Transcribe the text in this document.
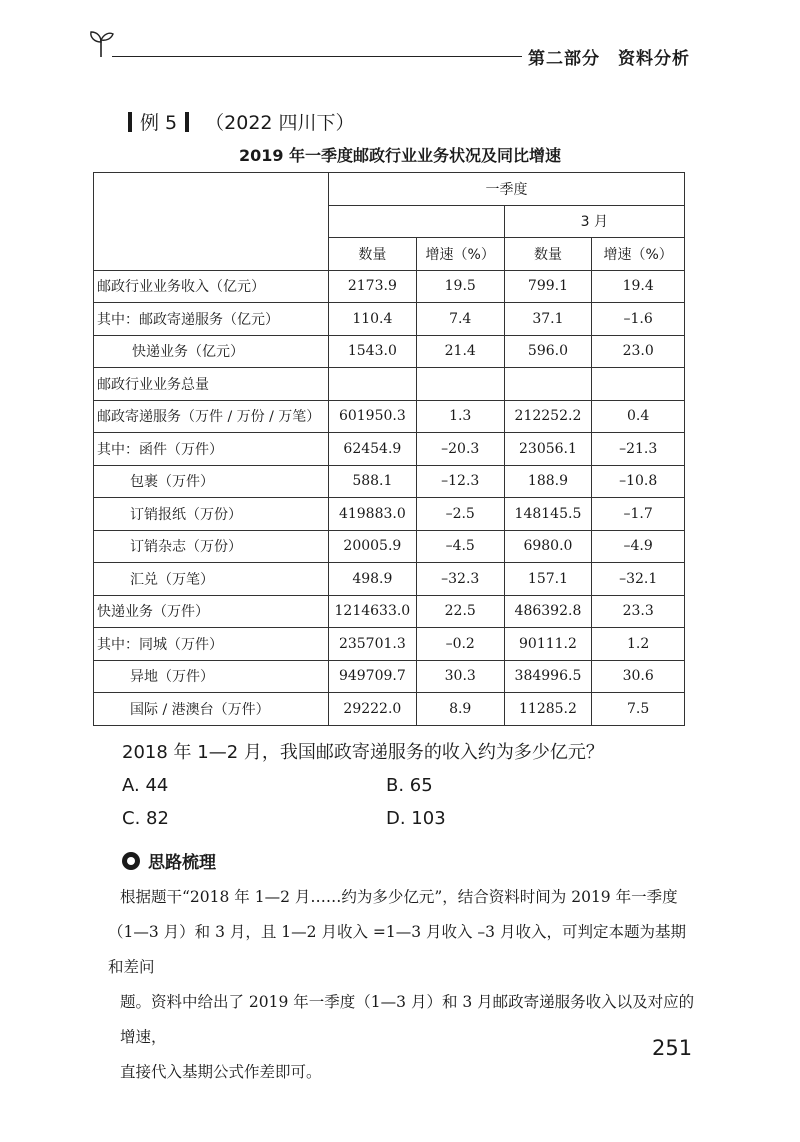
第二部分　资料分析
例 5 （2022 四川下）
2019 年一季度邮政行业业务状况及同比增速
	一季度			
			3 月	
	数量	增速（%）	数量	增速（%）
邮政行业业务收入（亿元）	2173.9	19.5	799.1	19.4
其中：邮政寄递服务（亿元）	110.4	7.4	37.1	–1.6
快递业务（亿元）	1543.0	21.4	596.0	23.0
邮政行业业务总量				
邮政寄递服务（万件 / 万份 / 万笔）	601950.3	1.3	212252.2	0.4
其中：函件（万件）	62454.9	–20.3	23056.1	–21.3
包裹（万件）	588.1	–12.3	188.9	–10.8
订销报纸（万份）	419883.0	–2.5	148145.5	–1.7
订销杂志（万份）	20005.9	–4.5	6980.0	–4.9
汇兑（万笔）	498.9	–32.3	157.1	–32.1
快递业务（万件）	1214633.0	22.5	486392.8	23.3
其中：同城（万件）	235701.3	–0.2	90111.2	1.2
异地（万件）	949709.7	30.3	384996.5	30.6
国际 / 港澳台（万件）	29222.0	8.9	11285.2	7.5
2018 年 1—2 月，我国邮政寄递服务的收入约为多少亿元？
A. 44	B. 65
C. 82	D. 103
思路梳理

根据题干“2018 年 1—2 月……约为多少亿元”，结合资料时间为 2019 年一季度

（1—3 月）和 3 月，且 1—2 月收入 =1—3 月收入 –3 月收入，可判定本题为基期和差问

题。资料中给出了 2019 年一季度（1—3 月）和 3 月邮政寄递服务收入以及对应的增速，

直接代入基期公式作差即可。

251
